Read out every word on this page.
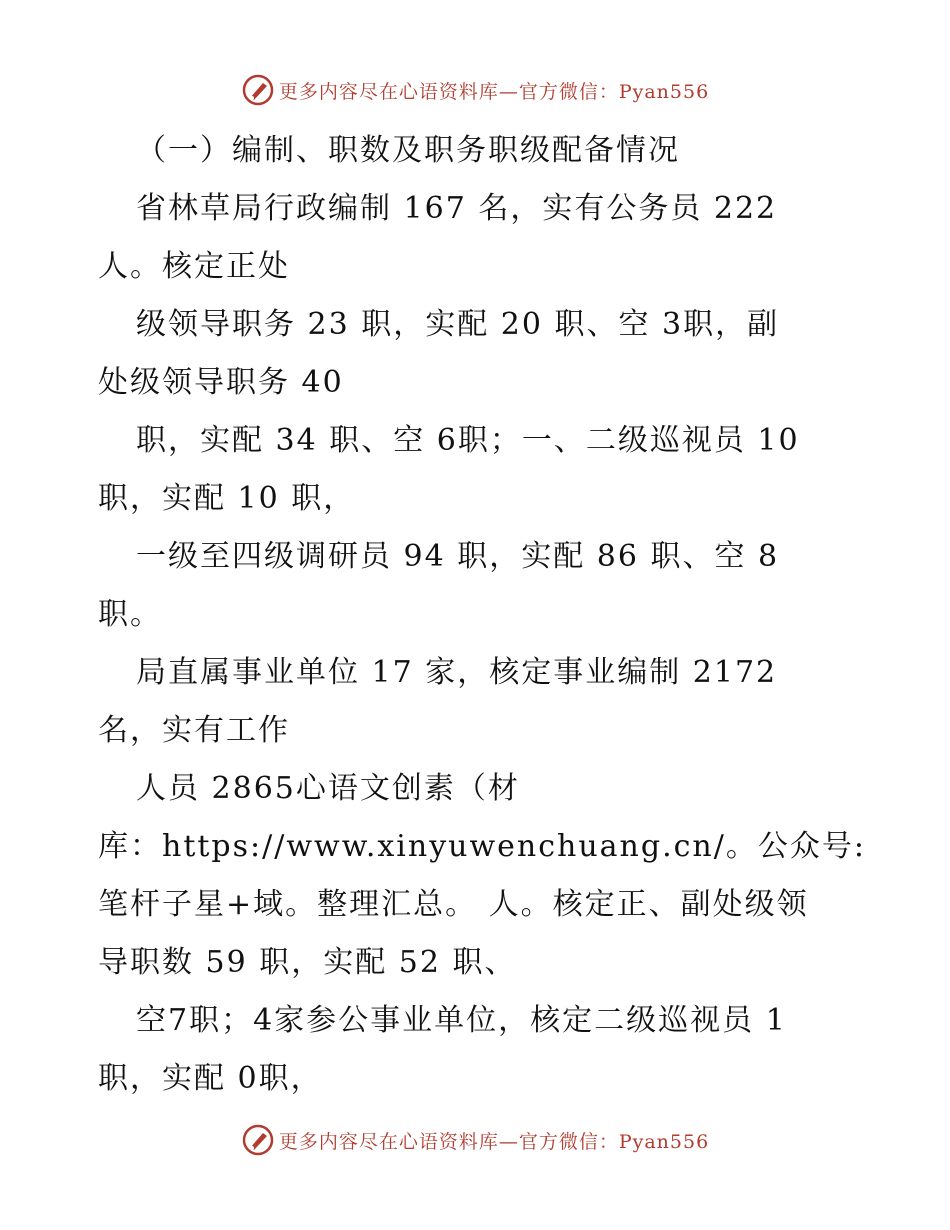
更多内容尽在心语资料库—官方微信：Pyan556
（一）编制、职数及职务职级配备情况
省林草局行政编制 167 名，实有公务员 222
人。核定正处
级领导职务 23 职，实配 20 职、空 3职，副
处级领导职务 40
职，实配 34 职、空 6职；一、二级巡视员 10
职，实配 10 职，
一级至四级调研员 94 职，实配 86 职、空 8
职。
局直属事业单位 17 家，核定事业编制 2172
名，实有工作
人员 2865心语文创素（材
库：https://www.xinyuwenchuang.cn/。公众号:
笔杆子星+域。整理汇总。 人。核定正、副处级领
导职数 59 职，实配 52 职、
空7职；4家参公事业单位，核定二级巡视员 1
职，实配 0职，
更多内容尽在心语资料库—官方微信：Pyan556
